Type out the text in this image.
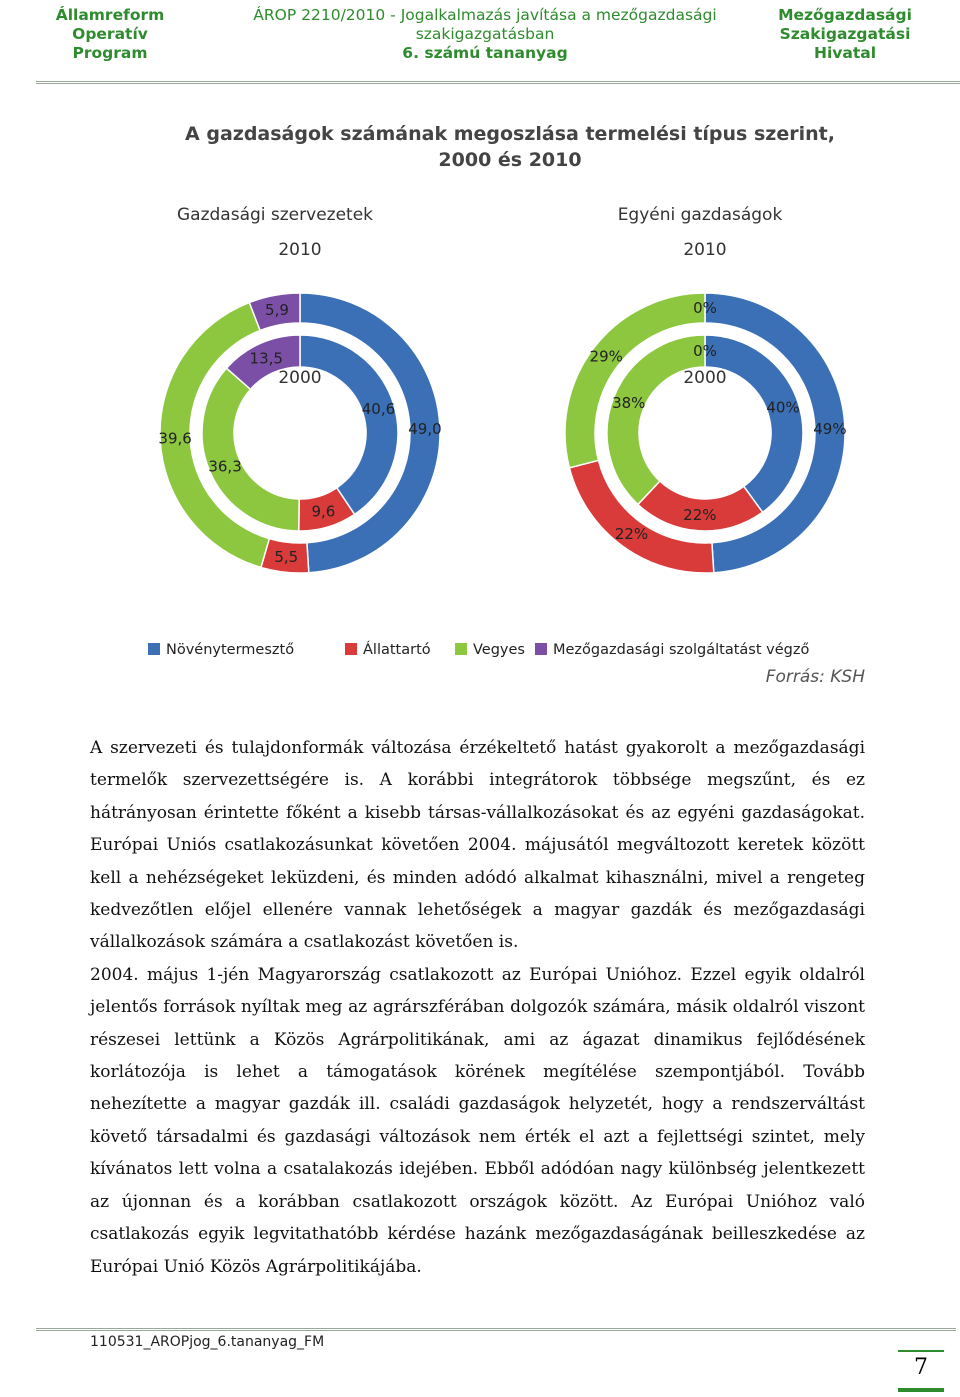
Államreform
Operatív
Program
ÁROP 2210/2010 - Jogalkalmazás javítása a mezőgazdasági
szakigazgatásban
6. számú tananyag
Mezőgazdasági
Szakigazgatási
Hivatal
A gazdaságok számának megoszlása termelési típus szerint,
2000 és 2010
Gazdasági szervezetek
49,0
5,5
39,6
5,9
40,6
9,6
36,3
13,5
2010
2000
Egyéni gazdaságok
49%
22%
29%
0%
40%
22%
38%
0%
2010
2000
Növénytermesztő	Állattartó	Vegyes Mezőgazdasági szolgáltatást végző
Forrás: KSH

A szervezeti és tulajdonformák változása érzékeltető hatást gyakorolt a mezőgazdasági termelők szervezettségére is. A korábbi integrátorok többsége megszűnt, és ez hátrányosan érintette főként a kisebb társas-vállalkozásokat és az egyéni gazdaságokat. Európai Uniós csatlakozásunkat követően 2004. májusától megváltozott keretek között kell a nehézségeket leküzdeni, és minden adódó alkalmat kihasználni, mivel a rengeteg kedvezőtlen előjel ellenére vannak lehetőségek a magyar gazdák és mezőgazdasági vállalkozások számára a csatlakozást követően is.

2004. május 1-jén Magyarország csatlakozott az Európai Unióhoz. Ezzel egyik oldalról jelentős források nyíltak meg az agrárszférában dolgozók számára, másik oldalról viszont részesei lettünk a Közös Agrárpolitikának, ami az ágazat dinamikus fejlődésének korlátozója is lehet a támogatások körének megítélése szempontjából. Tovább nehezítette a magyar gazdák ill. családi gazdaságok helyzetét, hogy a rendszerváltást követő társadalmi és gazdasági változások nem érték el azt a fejlettségi szintet, mely kívánatos lett volna a csatalakozás idejében. Ebből adódóan nagy különbség jelentkezett az újonnan és a korábban csatlakozott országok között. Az Európai Unióhoz való csatlakozás egyik legvitathatóbb kérdése hazánk mezőgazdaságának beilleszkedése az Európai Unió Közös Agrárpolitikájába.

110531_AROPjog_6.tananyag_FM
7
